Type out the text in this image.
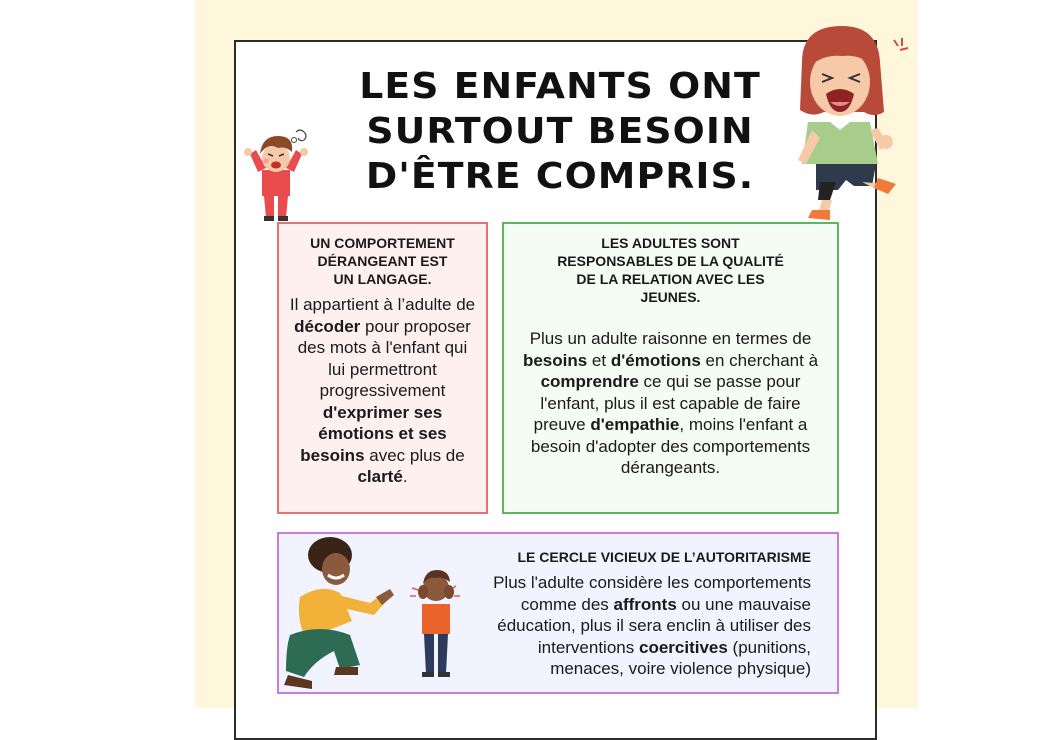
LES ENFANTS ONT
SURTOUT BESOIN
D'ÊTRE COMPRIS.
UN COMPORTEMENT
DÉRANGEANT EST
UN LANGAGE.
Il appartient à l’adulte de décoder pour proposer des mots à l'enfant qui lui permettront progressivement d'exprimer ses émotions et ses besoins avec plus de clarté.
LES ADULTES SONT
RESPONSABLES DE LA QUALITÉ
DE LA RELATION AVEC LES
JEUNES.
Plus un adulte raisonne en termes de besoins et d'émotions en cherchant à comprendre ce qui se passe pour l'enfant, plus il est capable de faire preuve d'empathie, moins l'enfant a besoin d'adopter des comportements dérangeants.
LE CERCLE VICIEUX DE L’AUTORITARISME
Plus l'adulte considère les comportements comme des affronts ou une mauvaise éducation, plus il sera enclin à utiliser des interventions coercitives (punitions, menaces, voire violence physique)
